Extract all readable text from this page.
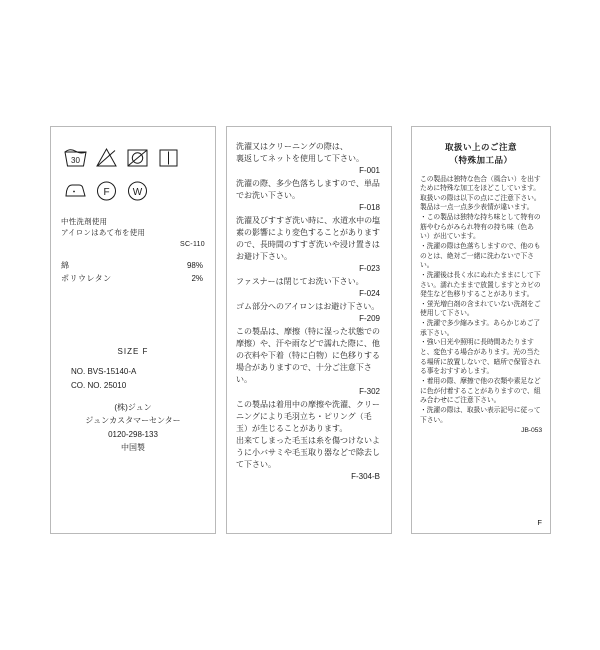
30
F W
中性洗剤使用
アイロンはあて布を使用
SC-110
綿	98%
ポリウレタン	2%
SIZE F
NO. BVS-15140-A
CO. NO. 25010
(株)ジュン
ジュンカスタマーセンター
0120-298-133
中国製

洗濯又はクリーニングの際は、

裏返してネットを使用して下さい。

F-001

洗濯の際、多少色落ちしますので、単品でお洗い下さい。

F-018

洗濯及びすすぎ洗い時に、水道水中の塩素の影響により変色することがありますので、長時間のすすぎ洗いや浸け置きはお避け下さい。

F-023

ファスナーは閉じてお洗い下さい。

F-024

ゴム部分へのアイロンはお避け下さい。

F-209

この製品は、摩擦（特に湿った状態での摩擦）や、汗や雨などで濡れた際に、他の衣料や下着（特に白物）に色移りする場合がありますので、十分ご注意下さい。

F-302

この製品は着用中の摩擦や洗濯、クリーニングにより毛羽立ち・ピリング（毛玉）が生じることがあります。

出来てしまった毛玉は糸を傷つけないように小バサミや毛玉取り器などで除去して下さい。

F-304-B
取扱い上のご注意
（特殊加工品）

この製品は独特な色合（風合い）を出すために特殊な加工をほどこしています。

取扱いの際は以下の点にご注意下さい。製品は一点一点多少表情が違います。

・この製品は独特な持ち味として特有の筋やむらがみられ特有の持ち味（色あい）が出ています。

・洗濯の際は色落ちしますので、他のものとは、絶対ご一緒に洗わないで下さい。

・洗濯後は長く水にぬれたままにして下さい。濡れたままで放置しますとカビの発生など色移りすることがあります。

・蛍光増白剤の含まれていない洗剤をご使用して下さい。

・洗濯で多少縮みます。あらかじめご了承下さい。

・強い日光や照明に長時間あたりますと、変色する場合があります。光の当たる場所に放置しないで、暗所で保管される事をおすすめします。

・着用の際、摩擦で他の衣類や素足などに色が付着することがありますので、組み合わせにご注意下さい。

・洗濯の際は、取扱い表示記号に従って下さい。

JB-053
F
